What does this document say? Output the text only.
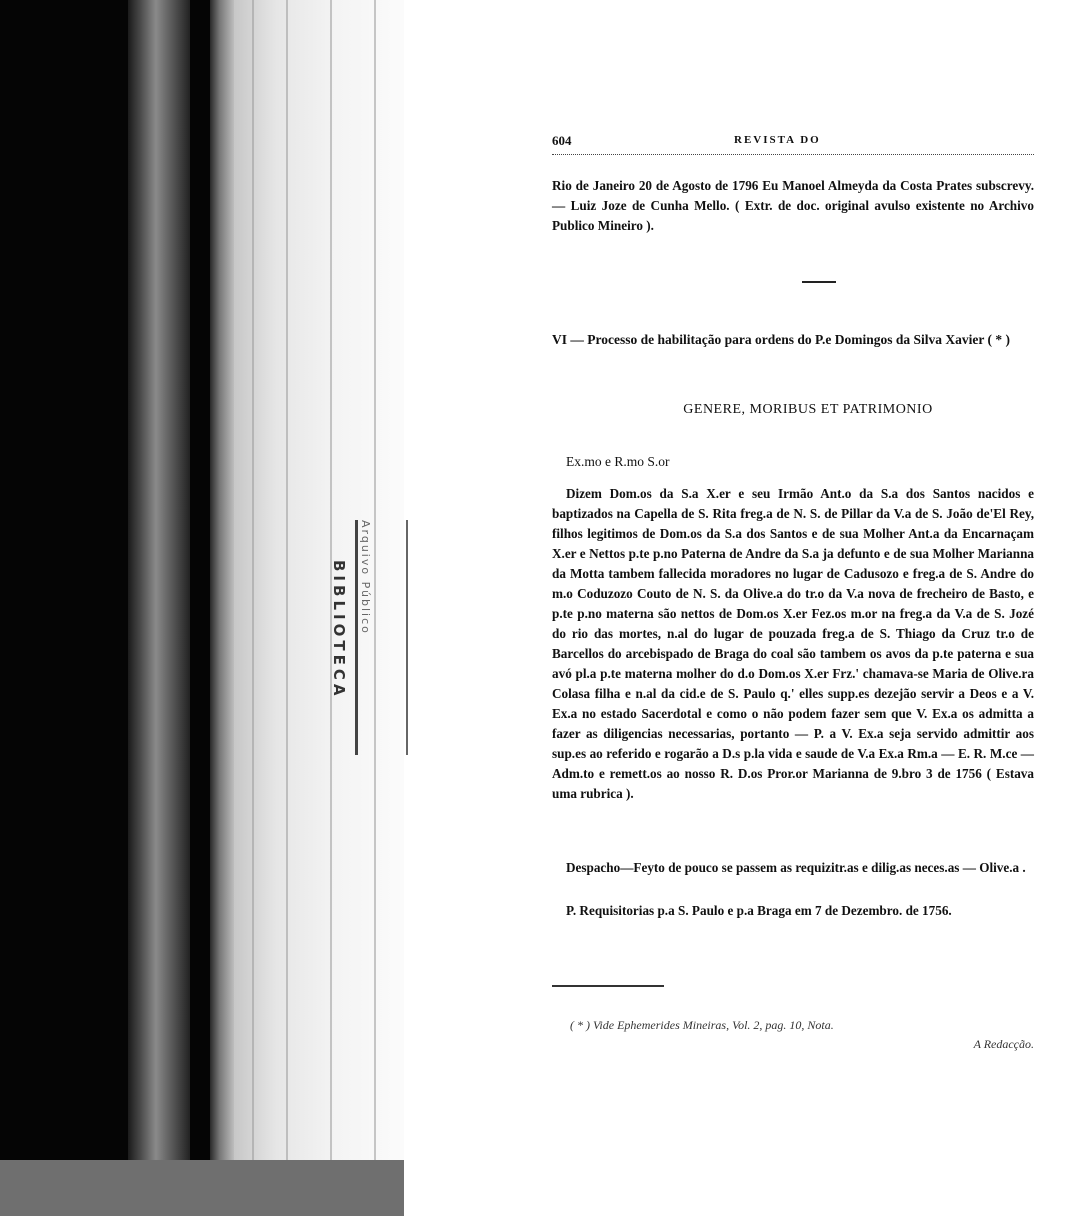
BIBLIOTECA Arquivo Público
604	REVISTA DO

Rio de Janeiro 20 de Agosto de 1796 Eu Manoel Almeyda da Costa Prates subscrevy.— Luiz Joze de Cunha Mello. ( Extr. de doc. original avulso existente no Archivo Publico Mineiro ).

VI — Processo de habilitação para ordens do P.e Domingos da Silva Xavier ( * )

GENERE, MORIBUS ET PATRIMONIO
Ex.mo e R.mo S.or

Dizem Dom.os da S.a X.er e seu Irmão Ant.o da S.a dos Santos nacidos e baptizados na Capella de S. Rita freg.a de N. S. de Pillar da V.a de S. João de'El Rey, filhos legitimos de Dom.os da S.a dos Santos e de sua Molher Ant.a da Encarnaçam X.er e Nettos p.te p.no Paterna de Andre da S.a ja defunto e de sua Molher Marianna da Motta tambem fallecida moradores no lugar de Cadusozo e freg.a de S. Andre do m.o Coduzozo Couto de N. S. da Olive.a do tr.o da V.a nova de frecheiro de Basto, e p.te p.no materna são nettos de Dom.os X.er Fez.os m.or na freg.a da V.a de S. Jozé do rio das mortes, n.al do lugar de pouzada freg.a de S. Thiago da Cruz tr.o de Barcellos do arcebispado de Braga do coal são tambem os avos da p.te paterna e sua avó pl.a p.te materna molher do d.o Dom.os X.er Frz.' chamava-se Maria de Olive.ra Colasa filha e n.al da cid.e de S. Paulo q.' elles supp.es dezejão servir a Deos e a V. Ex.a no estado Sacerdotal e como o não podem fazer sem que V. Ex.a os admitta a fazer as diligencias necessarias, portanto — P. a V. Ex.a seja servido admittir aos sup.es ao referido e rogarão a D.s p.la vida e saude de V.a Ex.a Rm.a — E. R. M.ce — Adm.to e remett.os ao nosso R. D.os Pror.or Marianna de 9.bro 3 de 1756 ( Estava uma rubrica ).

Despacho—Feyto de pouco se passem as requizitr.as e dilig.as neces.as — Olive.a .

P. Requisitorias p.a S. Paulo e p.a Braga em 7 de Dezembro. de 1756.

( * ) Vide Ephemerides Mineiras, Vol. 2, pag. 10, Nota.
A Redacção.
